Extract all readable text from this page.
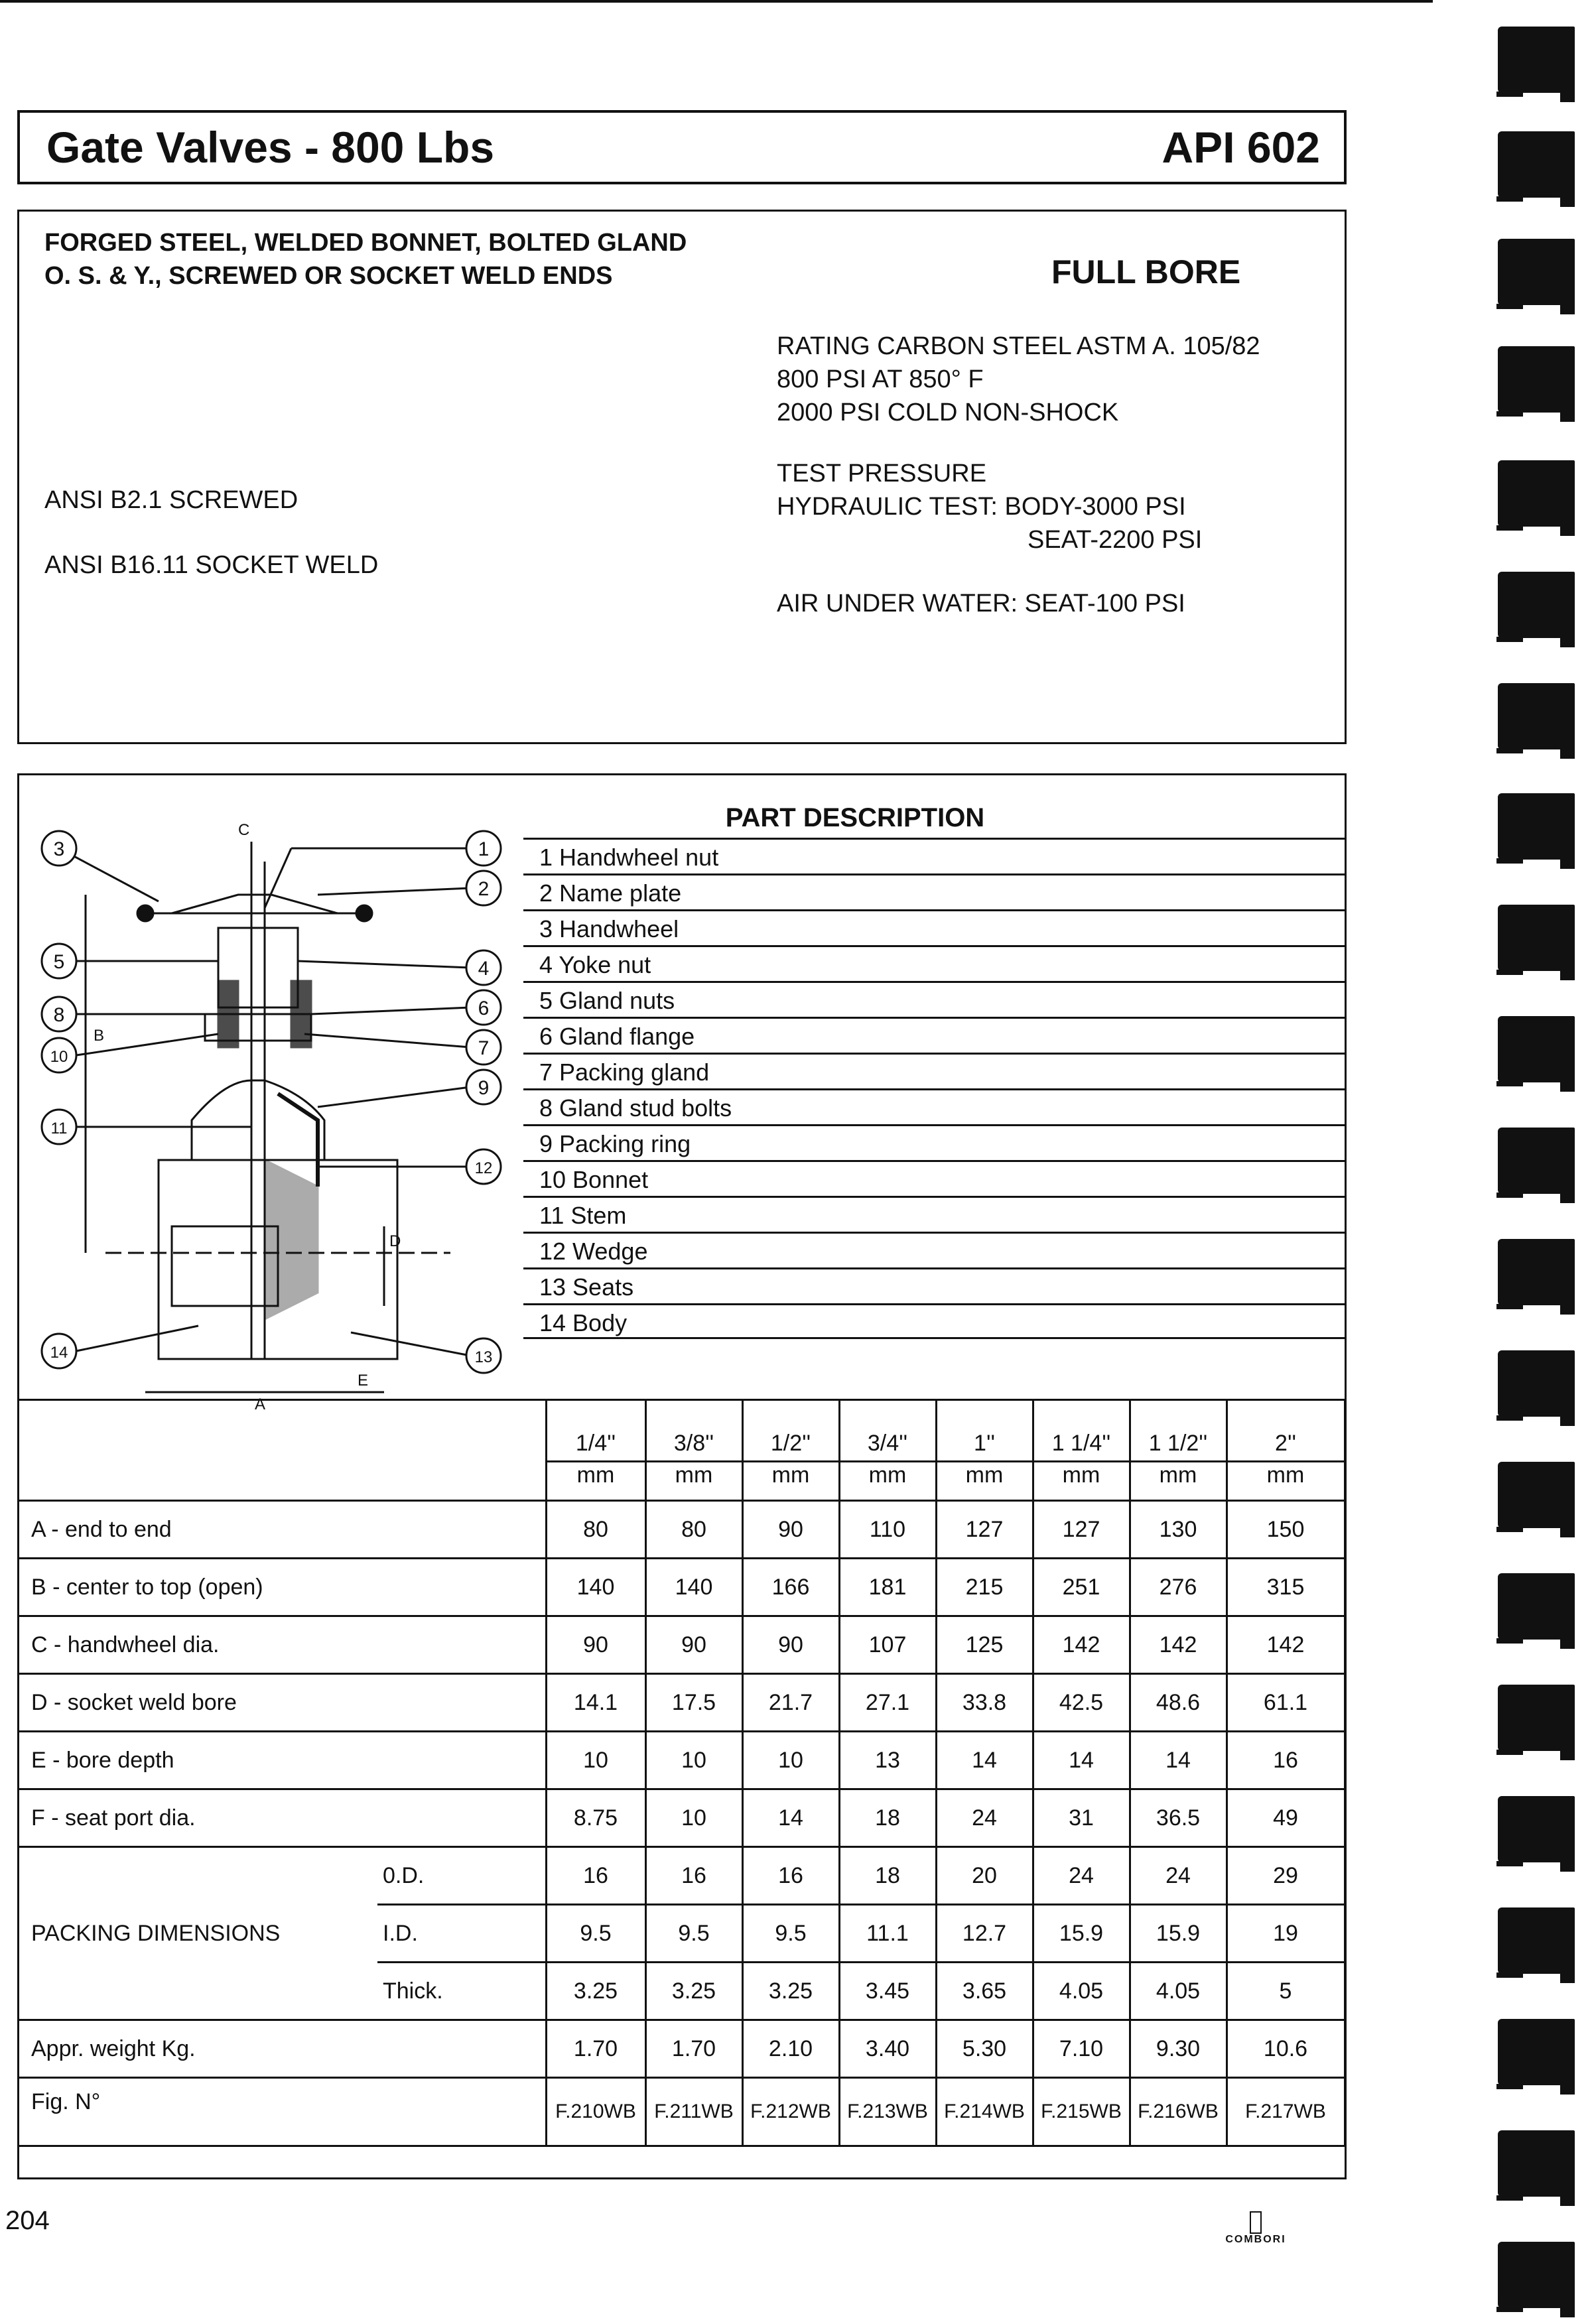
Gate Valves - 800 Lbs	API 602
FORGED STEEL, WELDED BONNET, BOLTED GLAND
O. S. & Y., SCREWED OR SOCKET WELD ENDS	FULL BORE
RATING CARBON STEEL ASTM A. 105/82
800 PSI AT 850° F
2000 PSI COLD NON-SHOCK
TEST PRESSURE
HYDRAULIC TEST: BODY-3000 PSI
SEAT-2200 PSI
AIR UNDER WATER: SEAT-100 PSI
ANSI B2.1 SCREWED
ANSI B16.11 SOCKET WELD
C
B
D
E
A
3	1
2
5	4
6
8
10	7
9
11
12
14	13
PART DESCRIPTION
1 Handwheel nut
2 Name plate
3 Handwheel
4 Yoke nut
5 Gland nuts
6 Gland flange
7 Packing gland
8 Gland stud bolts
9 Packing ring
10 Bonnet
11 Stem
12 Wedge
13 Seats
14 Body
		1/4''	3/8''	1/2''	3/4''	1''	1 1/4''	1 1/2''	2''
		mm	mm	mm	mm	mm	mm	mm	mm
A - end to end		80	80	90	110	127	127	130	150
B - center to top (open)		140	140	166	181	215	251	276	315
C - handwheel dia.		90	90	90	107	125	142	142	142
D - socket weld bore		14.1	17.5	21.7	27.1	33.8	42.5	48.6	61.1
E - bore depth		10	10	10	13	14	14	14	16
F - seat port dia.		8.75	10	14	18	24	31	36.5	49
PACKING DIMENSIONS	0.D.	16	16	16	18	20	24	24	29
	I.D.	9.5	9.5	9.5	11.1	12.7	15.9	15.9	19
	Thick.	3.25	3.25	3.25	3.45	3.65	4.05	4.05	5
Appr. weight Kg.		1.70	1.70	2.10	3.40	5.30	7.10	9.30	10.6
Fig. N°		F.210WB	F.211WB	F.212WB	F.213WB	F.214WB	F.215WB	F.216WB	F.217WB
204
COMBORI
